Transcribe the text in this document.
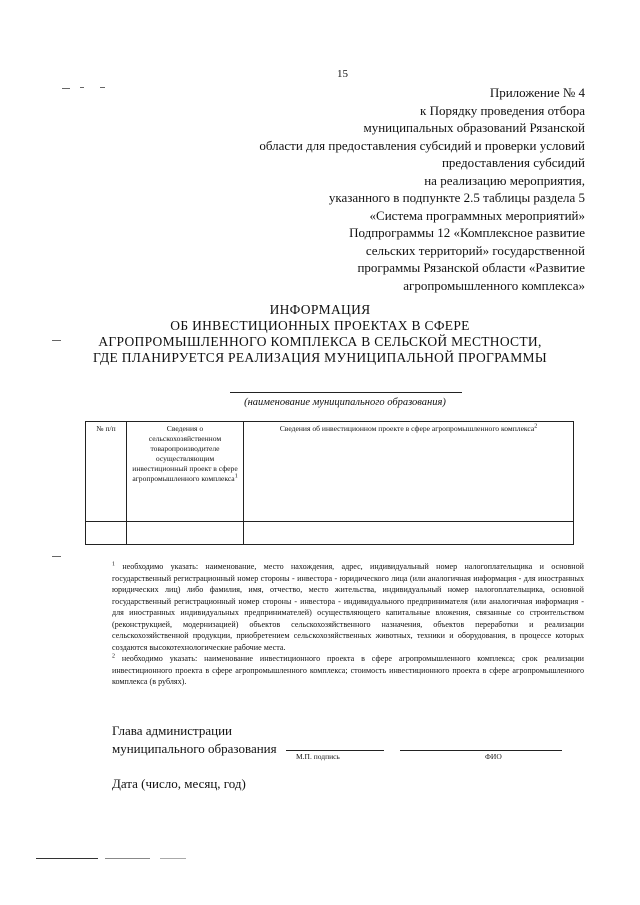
15
Приложение № 4
к Порядку проведения отбора
муниципальных образований Рязанской
области для предоставления субсидий и проверки условий
предоставления субсидий
на реализацию мероприятия,
указанного в подпункте 2.5 таблицы раздела 5
«Система программных мероприятий»
Подпрограммы 12 «Комплексное развитие
сельских территорий» государственной
программы Рязанской области «Развитие
агропромышленного комплекса»
ИНФОРМАЦИЯ
ОБ ИНВЕСТИЦИОННЫХ ПРОЕКТАХ В СФЕРЕ
АГРОПРОМЫШЛЕННОГО КОМПЛЕКСА В СЕЛЬСКОЙ МЕСТНОСТИ,
ГДЕ ПЛАНИРУЕТСЯ РЕАЛИЗАЦИЯ МУНИЦИПАЛЬНОЙ ПРОГРАММЫ
(наименование муниципального образования)
№ п/п	Сведения о сельскохозяйственном товаропроизводителе осуществляющим инвестиционный проект в сфере агропромышленного комплекса$^1$	Сведения об инвестиционном проекте в сфере агропромышленного комплекса$^2$

$^1$ необходимо указать: наименование, место нахождения, адрес, индивидуальный номер налогоплательщика и основной государственный регистрационный номер стороны - инвестора - юридического лица (или аналогичная информация - для иностранных юридических лиц) либо фамилия, имя, отчество, место жительства, индивидуальный номер налогоплательщика, основной государственный регистрационный номер стороны - инвестора - индивидуального предпринимателя (или аналогичная информация - для иностранных индивидуальных предпринимателей) осуществляющего капитальные вложения, связанные со строительством (реконструкцией, модернизацией) объектов сельскохозяйственного назначения, объектов переработки и реализации сельскохозяйственной продукции, приобретением сельскохозяйственных животных, техники и оборудования, в процессе которых создаются высокотехнологические рабочие места.

$^2$ необходимо указать: наименование инвестиционного проекта в сфере агропромышленного комплекса; срок реализации инвестиционного проекта в сфере агропромышленного комплекса; стоимость инвестиционного проекта в сфере агропромышленного комплекса (в рублях).

Глава администрации
муниципального образования
М.П. подпись	ФИО
Дата (число, месяц, год)
